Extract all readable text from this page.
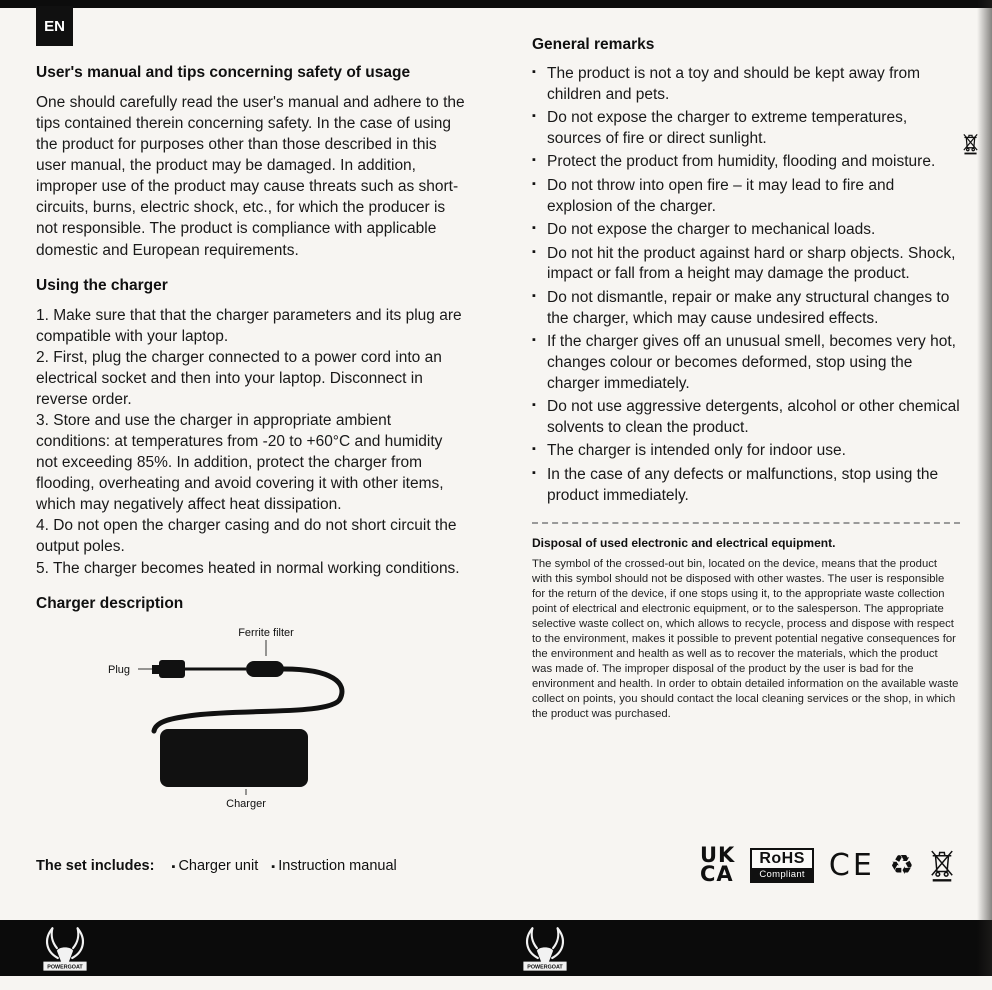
EN
User's manual and tips concerning safety of usage

One should carefully read the user's manual and adhere to the tips contained therein concerning safety. In the case of using the product for purposes other than those described in this user manual, the product may be damaged. In addition, improper use of the product may cause threats such as short-circuits, burns, electric shock, etc., for which the producer is not responsible. The product is compliance with applicable domestic and European requirements.

Using the charger

1. Make sure that that the charger parameters and its plug are compatible with your laptop.

2. First, plug the charger connected to a power cord into an electrical socket and then into your laptop. Disconnect in reverse order.

3. Store and use the charger in appropriate ambient conditions: at temperatures from -20 to +60°C and humidity not exceeding 85%. In addition, protect the charger from flooding, overheating and avoid covering it with other items, which may negatively affect heat dissipation.

4. Do not open the charger casing and do not short circuit the output poles.

5. The charger becomes heated in normal working conditions.

Charger description
Ferrite filter
Plug
Charger
General remarks
▪ The product is not a toy and should be kept away from children and pets.
▪ Do not expose the charger to extreme temperatures, sources of fire or direct sunlight.
▪ Protect the product from humidity, flooding and moisture.
▪ Do not throw into open fire – it may lead to fire and explosion of the charger.
▪ Do not expose the charger to mechanical loads.
▪ Do not hit the product against hard or sharp objects. Shock, impact or fall from a height may damage the product.
▪ Do not dismantle, repair or make any structural changes to the charger, which may cause undesired effects.
▪ If the charger gives off an unusual smell, becomes very hot, changes colour or becomes deformed, stop using the charger immediately.
▪ Do not use aggressive detergents, alcohol or other chemical solvents to clean the product.
▪ The charger is intended only for indoor use.
▪ In the case of any defects or malfunctions, stop using the product immediately.
Disposal of used electronic and electrical equipment.

The symbol of the crossed-out bin, located on the device, means that the product with this symbol should not be disposed with other wastes. The user is responsible for the return of the device, if one stops using it, to the appropriate waste collection point of electrical and electronic equipment, or to the salesperson. The appropriate selective waste collect on, which allows to recycle, process and dispose with respect to the environment, makes it possible to prevent potential negative consequences for the environment and health as well as to recover the materials, which the product was made of. The improper disposal of the product by the user is bad for the environment and health. In order to obtain detailed information on the available waste collect on points, you should contact the local cleaning services or the shop, in which the product was purchased.

The set includes: ▪ Charger unit ▪ Instruction manual	UK
CA
RoHS
Compliant CE ♻
POWERGOAT	POWERGOAT
